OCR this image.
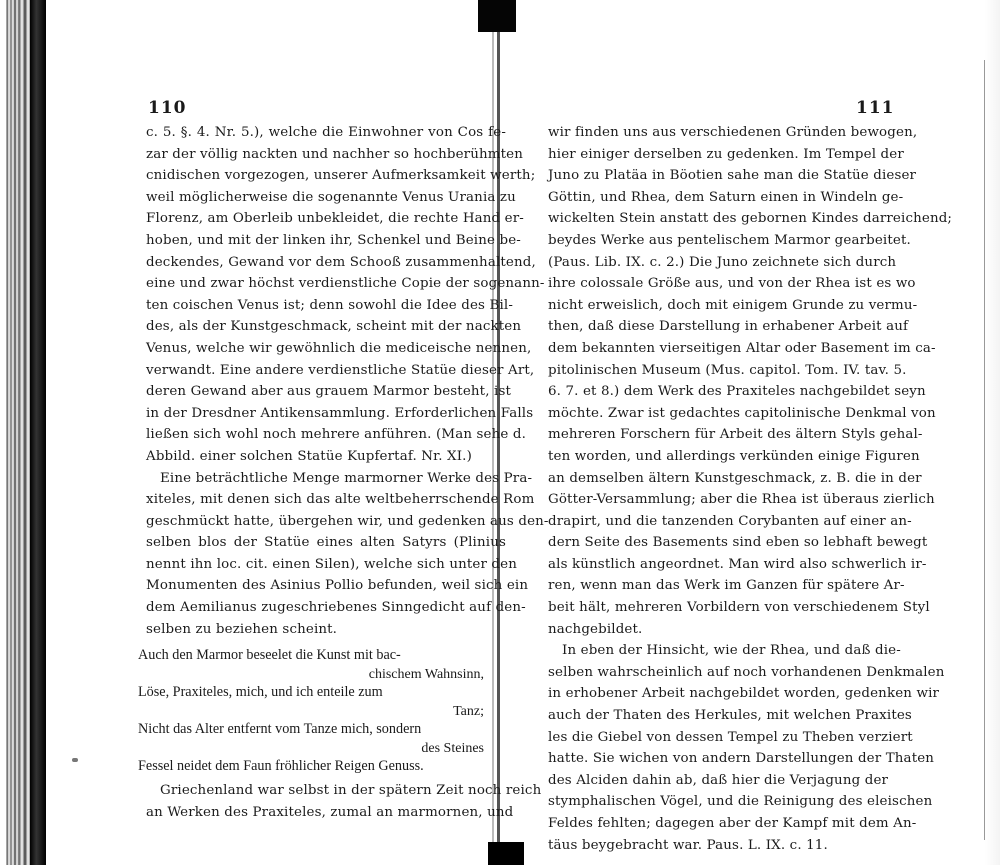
110
c. 5. §. 4. Nr. 5.), welche die Einwohner von Cos fe-
zar der völlig nackten und nachher so hochberühmten
cnidischen vorgezogen, unserer Aufmerksamkeit werth;
weil möglicherweise die sogenannte Venus Urania zu
Florenz, am Oberleib unbekleidet, die rechte Hand er-
hoben, und mit der linken ihr, Schenkel und Beine be-
deckendes, Gewand vor dem Schooß zusammenhaltend,
eine und zwar höchst verdienstliche Copie der sogenann-
ten coischen Venus ist; denn sowohl die Idee des Bil-
des, als der Kunstgeschmack, scheint mit der nackten
Venus, welche wir gewöhnlich die mediceische nennen,
verwandt. Eine andere verdienstliche Statüe dieser Art,
deren Gewand aber aus grauem Marmor besteht, ist
in der Dresdner Antikensammlung. Erforderlichen Falls
ließen sich wohl noch mehrere anführen. (Man sehe d.
Abbild. einer solchen Statüe Kupfertaf. Nr. XI.)
Eine beträchtliche Menge marmorner Werke des Pra-
xiteles, mit denen sich das alte weltbeherrschende Rom
geschmückt hatte, übergehen wir, und gedenken aus den-
selben blos der Statüe eines alten Satyrs (Plinius
nennt ihn loc. cit. einen Silen), welche sich unter den
Monumenten des Asinius Pollio befunden, weil sich ein
dem Aemilianus zugeschriebenes Sinngedicht auf den-
selben zu beziehen scheint.
Auch den Marmor beseelet die Kunst mit bac-
chischem Wahnsinn,
Löse, Praxiteles, mich, und ich enteile zum
Tanz;
Nicht das Alter entfernt vom Tanze mich, sondern
des Steines
Fessel neidet dem Faun fröhlicher Reigen Genuss.
Griechenland war selbst in der spätern Zeit noch reich
an Werken des Praxiteles, zumal an marmornen, und
111
wir finden uns aus verschiedenen Gründen bewogen,
hier einiger derselben zu gedenken. Im Tempel der
Juno zu Platäa in Böotien sahe man die Statüe dieser
Göttin, und Rhea, dem Saturn einen in Windeln ge-
wickelten Stein anstatt des gebornen Kindes darreichend;
beydes Werke aus pentelischem Marmor gearbeitet.
(Paus. Lib. IX. c. 2.) Die Juno zeichnete sich durch
ihre colossale Größe aus, und von der Rhea ist es wo
nicht erweislich, doch mit einigem Grunde zu vermu-
then, daß diese Darstellung in erhabener Arbeit auf
dem bekannten vierseitigen Altar oder Basement im ca-
pitolinischen Museum (Mus. capitol. Tom. IV. tav. 5.
6. 7. et 8.) dem Werk des Praxiteles nachgebildet seyn
möchte. Zwar ist gedachtes capitolinische Denkmal von
mehreren Forschern für Arbeit des ältern Styls gehal-
ten worden, und allerdings verkünden einige Figuren
an demselben ältern Kunstgeschmack, z. B. die in der
Götter-Versammlung; aber die Rhea ist überaus zierlich
drapirt, und die tanzenden Corybanten auf einer an-
dern Seite des Basements sind eben so lebhaft bewegt
als künstlich angeordnet. Man wird also schwerlich ir-
ren, wenn man das Werk im Ganzen für spätere Ar-
beit hält, mehreren Vorbildern von verschiedenem Styl
nachgebildet.
In eben der Hinsicht, wie der Rhea, und daß die-
selben wahrscheinlich auf noch vorhandenen Denkmalen
in erhobener Arbeit nachgebildet worden, gedenken wir
auch der Thaten des Herkules, mit welchen Praxites
les die Giebel von dessen Tempel zu Theben verziert
hatte. Sie wichen von andern Darstellungen der Thaten
des Alciden dahin ab, daß hier die Verjagung der
stymphalischen Vögel, und die Reinigung des eleischen
Feldes fehlten; dagegen aber der Kampf mit dem An-
täus beygebracht war. Paus. L. IX. c. 11.
